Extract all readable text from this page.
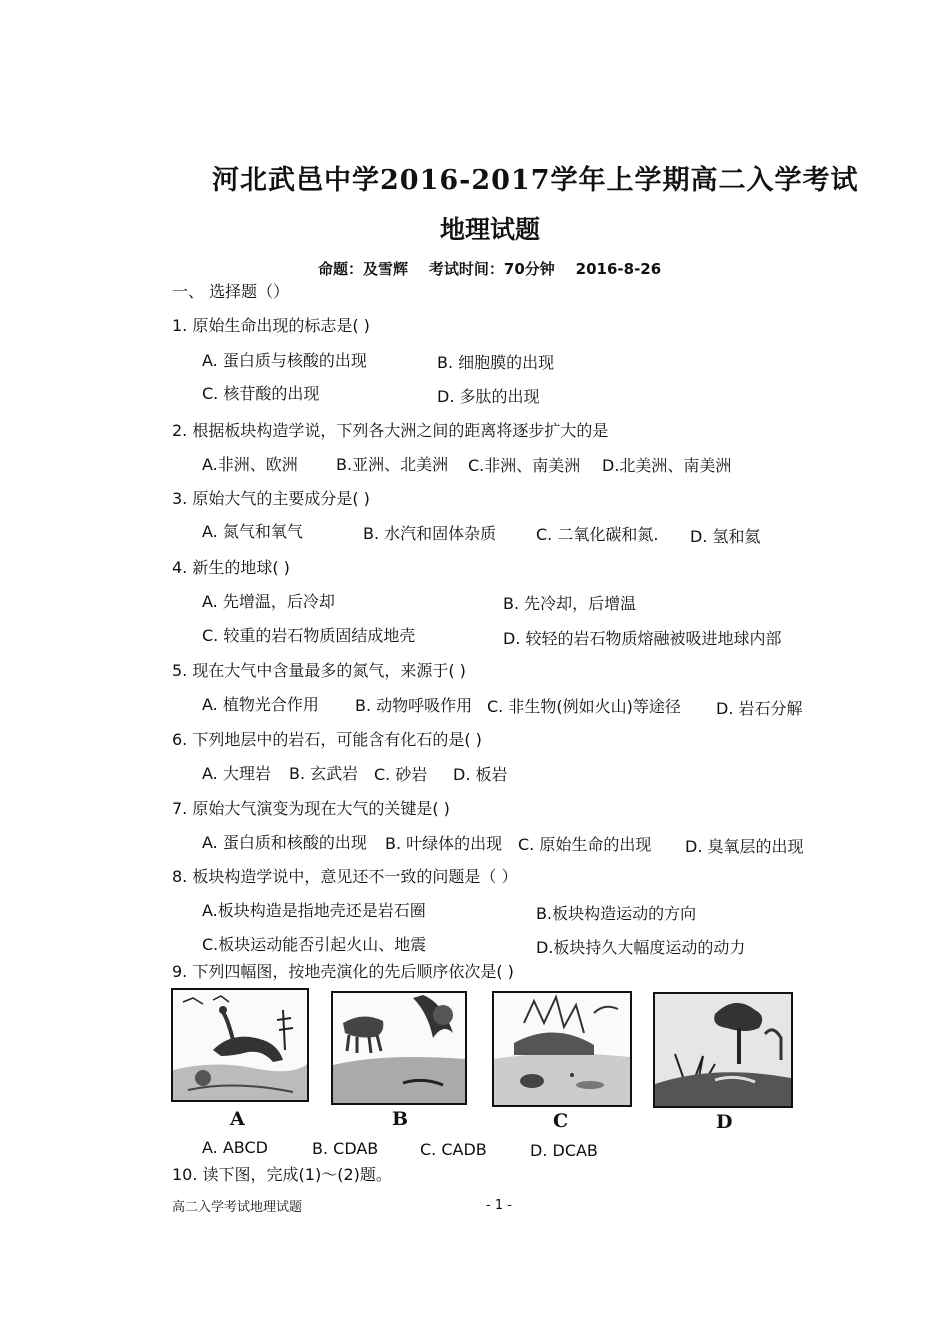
河北武邑中学2016-2017学年上学期高二入学考试
地理试题
命题：及雪辉    考试时间：70分钟    2016-8-26
一、 选择题（）
1. 原始生命出现的标志是( )
A. 蛋白质与核酸的出现	B. 细胞膜的出现
C. 核苷酸的出现	D. 多肽的出现
2. 根据板块构造学说，下列各大洲之间的距离将逐步扩大的是
A.非洲、欧洲 B.亚洲、北美洲 C.非洲、南美洲 D.北美洲、南美洲
3. 原始大气的主要成分是( )
A. 氮气和氧气	B. 水汽和固体杂质 C. 二氧化碳和氮. D. 氢和氦
4. 新生的地球( )
A. 先增温，后冷却	B. 先冷却，后增温
C. 较重的岩石物质固结成地壳	D. 较轻的岩石物质熔融被吸进地球内部
5. 现在大气中含量最多的氮气，来源于( )
A. 植物光合作用 B. 动物呼吸作用 C. 非生物(例如火山)等途径 D. 岩石分解
6. 下列地层中的岩石，可能含有化石的是( )
A. 大理岩 B. 玄武岩 C. 砂岩 D. 板岩
7. 原始大气演变为现在大气的关键是( )
A. 蛋白质和核酸的出现 B. 叶绿体的出现 C. 原始生命的出现 D. 臭氧层的出现
8. 板块构造学说中，意见还不一致的问题是（ ）
A.板块构造是指地壳还是岩石圈	B.板块构造运动的方向
C.板块运动能否引起火山、地震	D.板块持久大幅度运动的动力
9. 下列四幅图，按地壳演化的先后顺序依次是( )
A	B	C	D
A. ABCD	B. CDAB	C. CADB	D. DCAB
10. 读下图，完成(1)～(2)题。
高二入学考试地理试题	- 1 -
